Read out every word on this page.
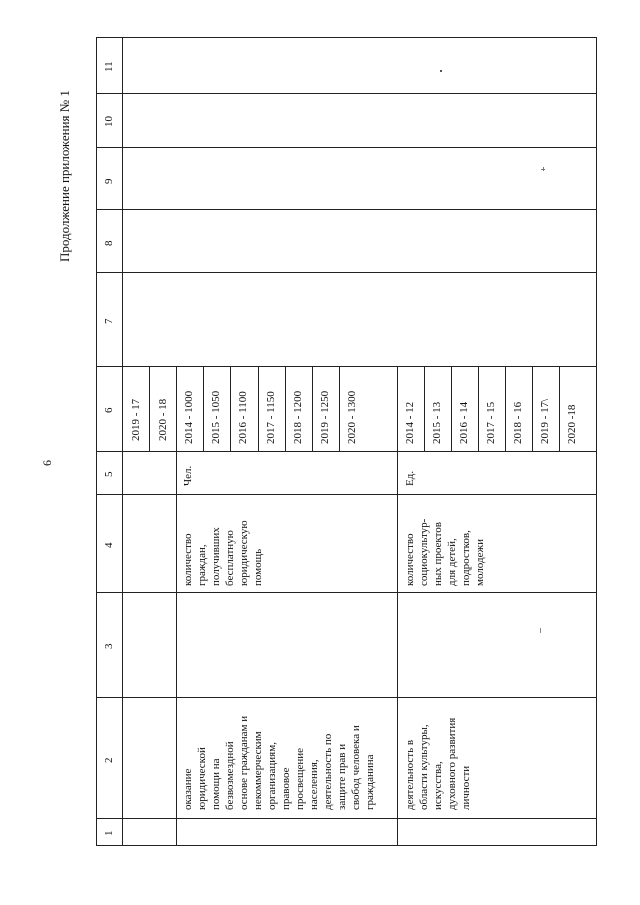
6
Продолжение приложения № 1
1
2
3
4
5
6
7
8
9
10
11
2019 - 17 2020 - 18
оказание юридической помощи на безвозмездной основе гражданам и некоммерческим организациям, правовое просвещение населения, деятельность по защите прав и свобод человека и гражданина
количество граждан, получивших бесплатную юридическую помощь
Чел.
2014 - 1000 2015 - 1050 2016 - 1100 2017 - 1150 2018 - 1200 2019 - 1250 2020 - 1300
деятельность в области культуры, искусства, духовного развития личности
количество социокультур- ных проектов для детей, подростков, молодежи
Ед.
2014 - 12 2015 - 13 2016 - 14 2017 - 15 2018 - 16 2019 - 17\ 2020 -18
